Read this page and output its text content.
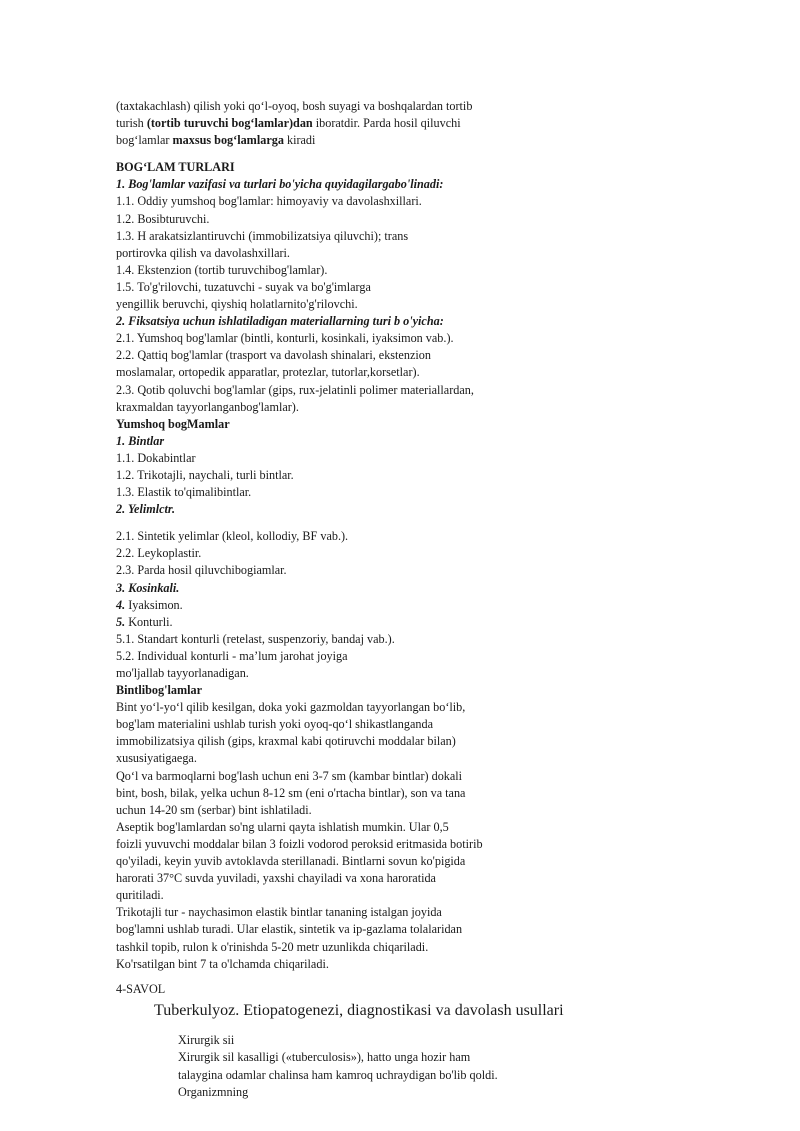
(taxtakachlash) qilish yoki qo‘l-oyoq, bosh suyagi va boshqalardan tortib
turish (tortib turuvchi bog‘lamlar)dan iboratdir. Parda hosil qiluvchi
bog‘lamlar maxsus bog‘lamlarga kiradi
BOG‘LAM TURLARI
1. Bog'lamlar vazifasi va turlari bo'yicha quyidagilargabo'linadi:
1.1. Oddiy yumshoq bog'lamlar: himoyaviy va davolashxillari.
1.2. Bosibturuvchi.
1.3. H arakatsizlantiruvchi (immobilizatsiya qiluvchi); trans
portirovka qilish va davolashxillari.
1.4. Ekstenzion (tortib turuvchibog'lamlar).
1.5. To'g'rilovchi, tuzatuvchi - suyak va bo'g'imlarga
yengillik beruvchi, qiyshiq holatlarnito'g'rilovchi.
2. Fiksatsiya uchun ishlatiladigan materiallarning turi b o'yicha:
2.1. Yumshoq bog'lamlar (bintli, konturli, kosinkali, iyaksimon vab.).
2.2. Qattiq bog'lamlar (trasport va davolash shinalari, ekstenzion
moslamalar, ortopedik apparatlar, protezlar, tutorlar,korsetlar).
2.3. Qotib qoluvchi bog'lamlar (gips, rux-jelatinli polimer materiallardan,
kraxmaldan tayyorlanganbog'lamlar).
Yumshoq bogMamlar
1. Bintlar
1.1. Dokabintlar
1.2. Trikotajli, naychali, turli bintlar.
1.3. Elastik to'qimalibintlar.
2. Yelimlctr.
2.1. Sintetik yelimlar (kleol, kollodiy, BF vab.).
2.2. Leykoplastir.
2.3. Parda hosil qiluvchibogiamlar.
3. Kosinkali.
4. Iyaksimon.
5. Konturli.
5.1. Standart konturli (retelast, suspenzoriy, bandaj vab.).
5.2. Individual konturli - ma’lum jarohat joyiga
mo'ljallab tayyorlanadigan.
Bintlibog'lamlar
Bint yo‘l-yo‘l qilib kesilgan, doka yoki gazmoldan tayyorlangan bo‘lib,
bog'lam materialini ushlab turish yoki oyoq-qo‘l shikastlanganda
immobilizatsiya qilish (gips, kraxmal kabi qotiruvchi moddalar bilan)
xususiyatigaega.
Qo‘l va barmoqlarni bog'lash uchun eni 3-7 sm (kambar bintlar) dokali
bint, bosh, bilak, yelka uchun 8-12 sm (eni o'rtacha bintlar), son va tana
uchun 14-20 sm (serbar) bint ishlatiladi.
Aseptik bog'lamlardan so'ng ularni qayta ishlatish mumkin. Ular 0,5
foizli yuvuvchi moddalar bilan 3 foizli vodorod peroksid eritmasida botirib
qo'yiladi, keyin yuvib avtoklavda sterillanadi. Bintlarni sovun ko'pigida
harorati 37°C suvda yuviladi, yaxshi chayiladi va xona haroratida
quritiladi.
Trikotajli tur - naychasimon elastik bintlar tananing istalgan joyida
bog'lamni ushlab turadi. Ular elastik, sintetik va ip-gazlama tolalaridan
tashkil topib, rulon k o'rinishda 5-20 metr uzunlikda chiqariladi.
Ko'rsatilgan bint 7 ta o'lchamda chiqariladi.
4-SAVOL
Tuberkulyoz. Etiopatogenezi, diagnostikasi va davolash usullari
Xirurgik sii
Xirurgik sil kasalligi («tuberculosis»), hatto unga hozir ham
talaygina odamlar chalinsa ham kamroq uchraydigan bo'lib qoldi.
Organizmning
